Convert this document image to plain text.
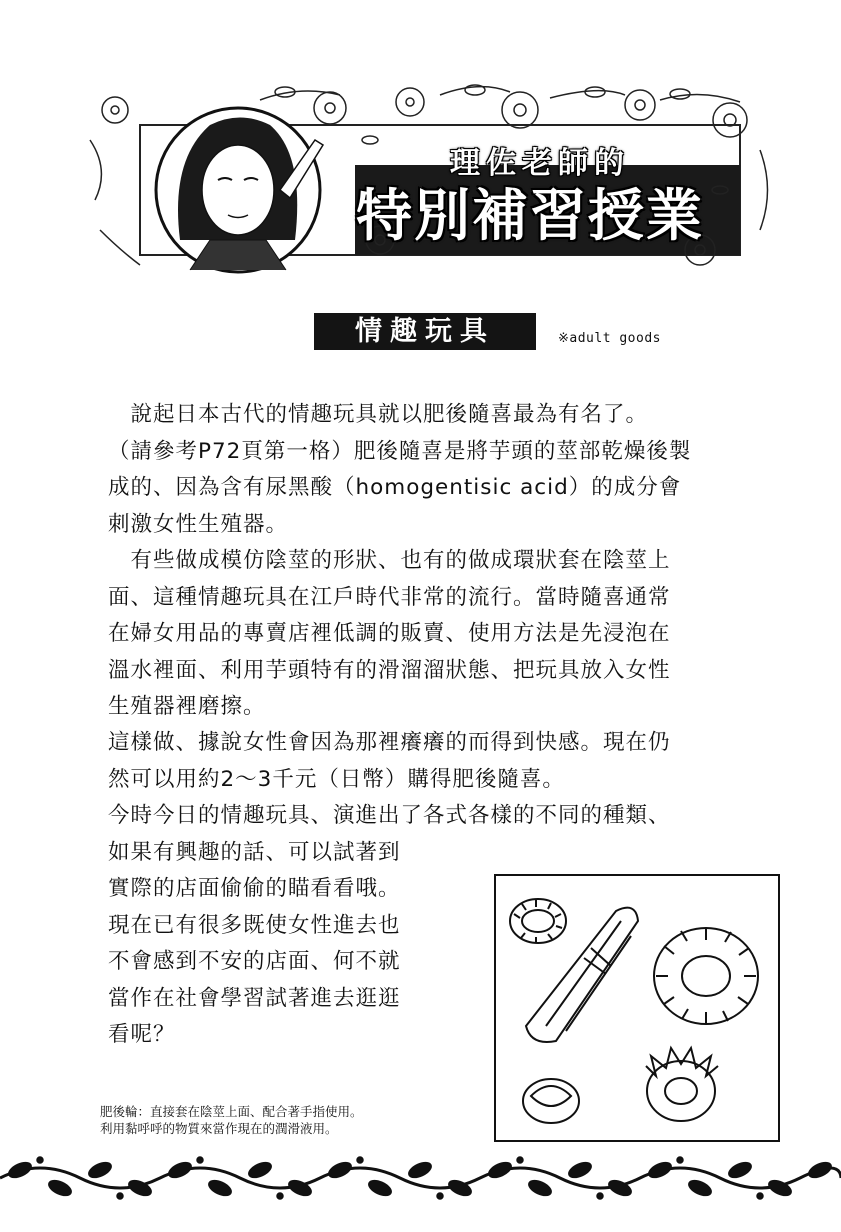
理佐老師的
特別補習授業
情趣玩具	※adult goods

　說起日本古代的情趣玩具就以肥後隨喜最為有名了。
（請參考P72頁第一格）肥後隨喜是將芋頭的莖部乾燥後製
成的、因為含有尿黑酸（homogentisic acid）的成分會
刺激女性生殖器。

　有些做成模仿陰莖的形狀、也有的做成環狀套在陰莖上
面、這種情趣玩具在江戶時代非常的流行。當時隨喜通常
在婦女用品的專賣店裡低調的販賣、使用方法是先浸泡在
溫水裡面、利用芋頭特有的滑溜溜狀態、把玩具放入女性
生殖器裡磨擦。

這樣做、據說女性會因為那裡癢癢的而得到快感。現在仍
然可以用約2～3千元（日幣）購得肥後隨喜。

今時今日的情趣玩具、演進出了各式各樣的不同的種類、
如果有興趣的話、可以試著到
實際的店面偷偷的瞄看看哦。
現在已有很多既使女性進去也
不會感到不安的店面、何不就
當作在社會學習試著進去逛逛
看呢？

肥後輪：直接套在陰莖上面、配合著手指使用。
利用黏呼呼的物質來當作現在的潤滑液用。
